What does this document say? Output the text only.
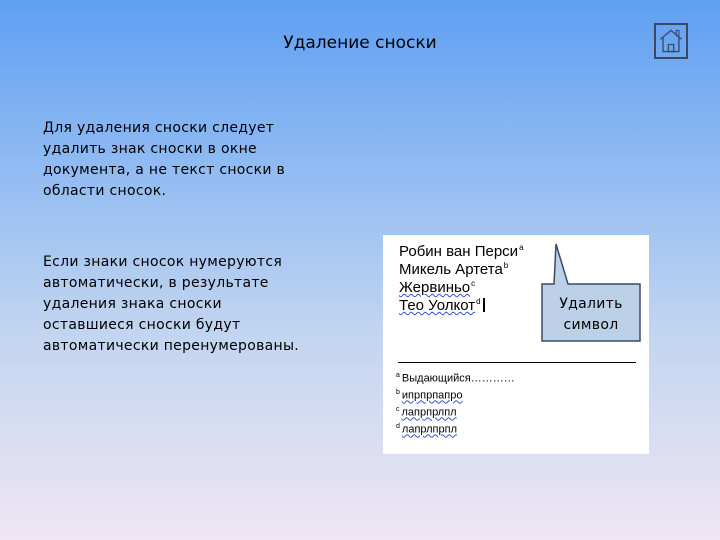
Удаление сноски
Для удаления сноски следует удалить знак сноски в окне документа, а не текст сноски в области сносок.
Если знаки сносок нумеруются автоматически, в результате удаления знака сноски оставшиеся сноски будут автоматически перенумерованы.
Робин ван Перси$^a$
Микель Артета$^b$
Жервиньо$^c$
Тео Уолкот$^d$
$^a$ Выдающийся…………
$^b$ ипрпрпапро
$^c$ лапрпрлпл
$^d$ лапрлпрпл
Удалить символ
